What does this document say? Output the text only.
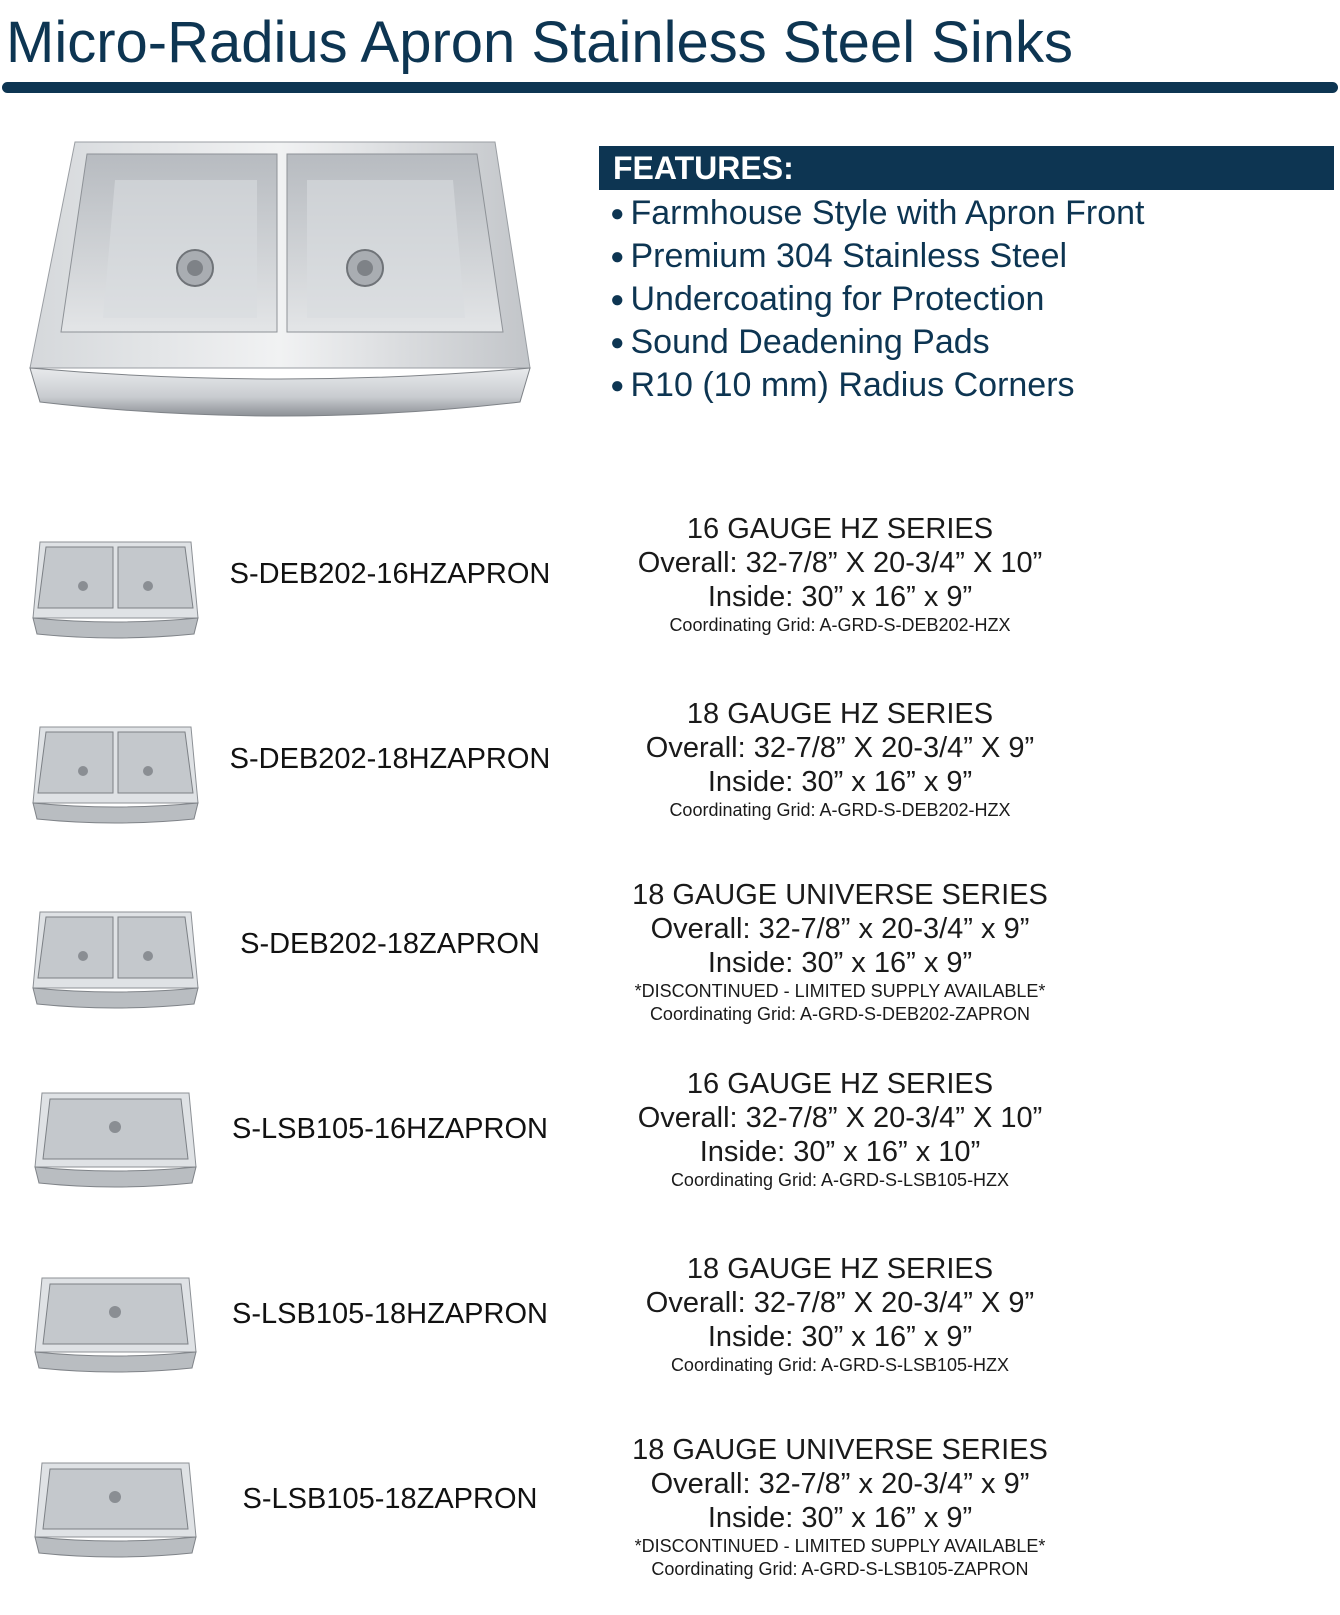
Micro-Radius Apron Stainless Steel Sinks
FEATURES:
● Farmhouse Style with Apron Front
● Premium 304 Stainless Steel
● Undercoating for Protection
● Sound Deadening Pads
● R10 (10 mm) Radius Corners
S-DEB202-16HZAPRON
16 GAUGE HZ SERIES
Overall: 32-7/8” X 20-3/4” X 10”
Inside: 30” x 16” x 9”
Coordinating Grid: A-GRD-S-DEB202-HZX
S-DEB202-18HZAPRON
18 GAUGE HZ SERIES
Overall: 32-7/8” X 20-3/4” X 9”
Inside: 30” x 16” x 9”
Coordinating Grid: A-GRD-S-DEB202-HZX
S-DEB202-18ZAPRON
18 GAUGE UNIVERSE SERIES
Overall: 32-7/8” x 20-3/4” x 9”
Inside: 30” x 16” x 9”
*DISCONTINUED - LIMITED SUPPLY AVAILABLE*
Coordinating Grid: A-GRD-S-DEB202-ZAPRON
S-LSB105-16HZAPRON
16 GAUGE HZ SERIES
Overall: 32-7/8” X 20-3/4” X 10”
Inside: 30” x 16” x 10”
Coordinating Grid: A-GRD-S-LSB105-HZX
S-LSB105-18HZAPRON
18 GAUGE HZ SERIES
Overall: 32-7/8” X 20-3/4” X 9”
Inside: 30” x 16” x 9”
Coordinating Grid: A-GRD-S-LSB105-HZX
S-LSB105-18ZAPRON
18 GAUGE UNIVERSE SERIES
Overall: 32-7/8” x 20-3/4” x 9”
Inside: 30” x 16” x 9”
*DISCONTINUED - LIMITED SUPPLY AVAILABLE*
Coordinating Grid: A-GRD-S-LSB105-ZAPRON
